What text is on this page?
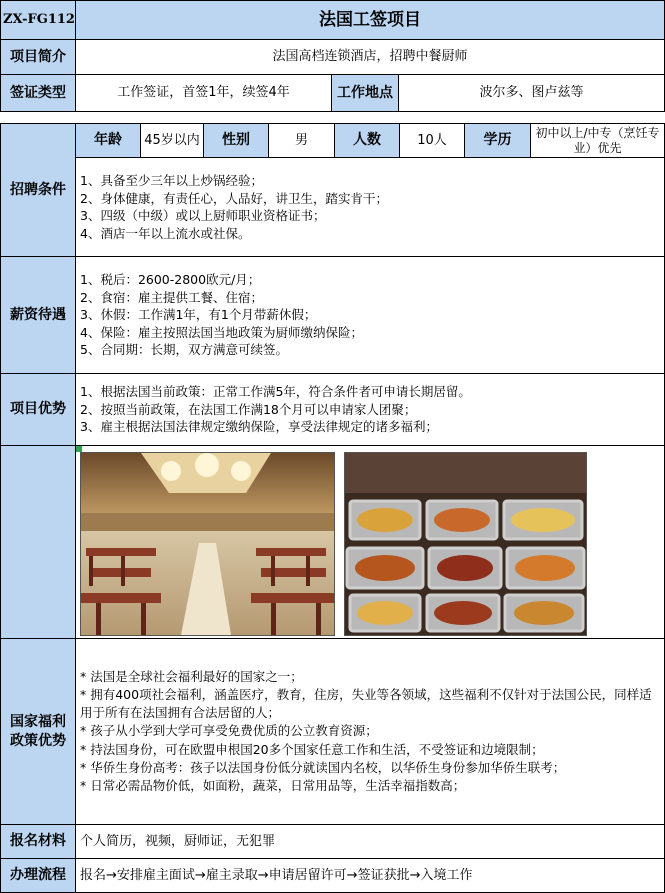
ZX-FG112	法国工签项目
项目简介	法国高档连锁酒店，招聘中餐厨师
签证类型	工作签证，首签1年，续签4年	工作地点	波尔多、图卢兹等
招聘条件
年龄	45岁以内	性别	男	人数	10人	学历	初中以上/中专（烹饪专业）优先
1、具备至少三年以上炒锅经验；
2、身体健康，有责任心，人品好，讲卫生，踏实肯干；
3、四级（中级）或以上厨师职业资格证书；
4、酒店一年以上流水或社保。
薪资待遇
1、税后：2600-2800欧元/月；
2、食宿：雇主提供工餐、住宿；
3、休假：工作满1年，有1个月带薪休假；
4、保险：雇主按照法国当地政策为厨师缴纳保险；
5、合同期：长期，双方满意可续签。
项目优势
1、根据法国当前政策：正常工作满5年，符合条件者可申请长期居留。
2、按照当前政策，在法国工作满18个月可以申请家人团聚；
3、雇主根据法国法律规定缴纳保险，享受法律规定的诸多福利；
国家福利政策优势
* 法国是全球社会福利最好的国家之一；
* 拥有400项社会福利，涵盖医疗，教育，住房，失业等各领域，这些福利不仅针对于法国公民，同样适用于所有在法国拥有合法居留的人；
* 孩子从小学到大学可享受免费优质的公立教育资源；
* 持法国身份，可在欧盟申根国20多个国家任意工作和生活，不受签证和边境限制；
* 华侨生身份高考：孩子以法国身份低分就读国内名校，以华侨生身份参加华侨生联考；
* 日常必需品物价低，如面粉，蔬菜，日常用品等，生活幸福指数高；
报名材料	个人简历，视频，厨师证，无犯罪
办理流程	报名→安排雇主面试→雇主录取→申请居留许可→签证获批→入境工作
